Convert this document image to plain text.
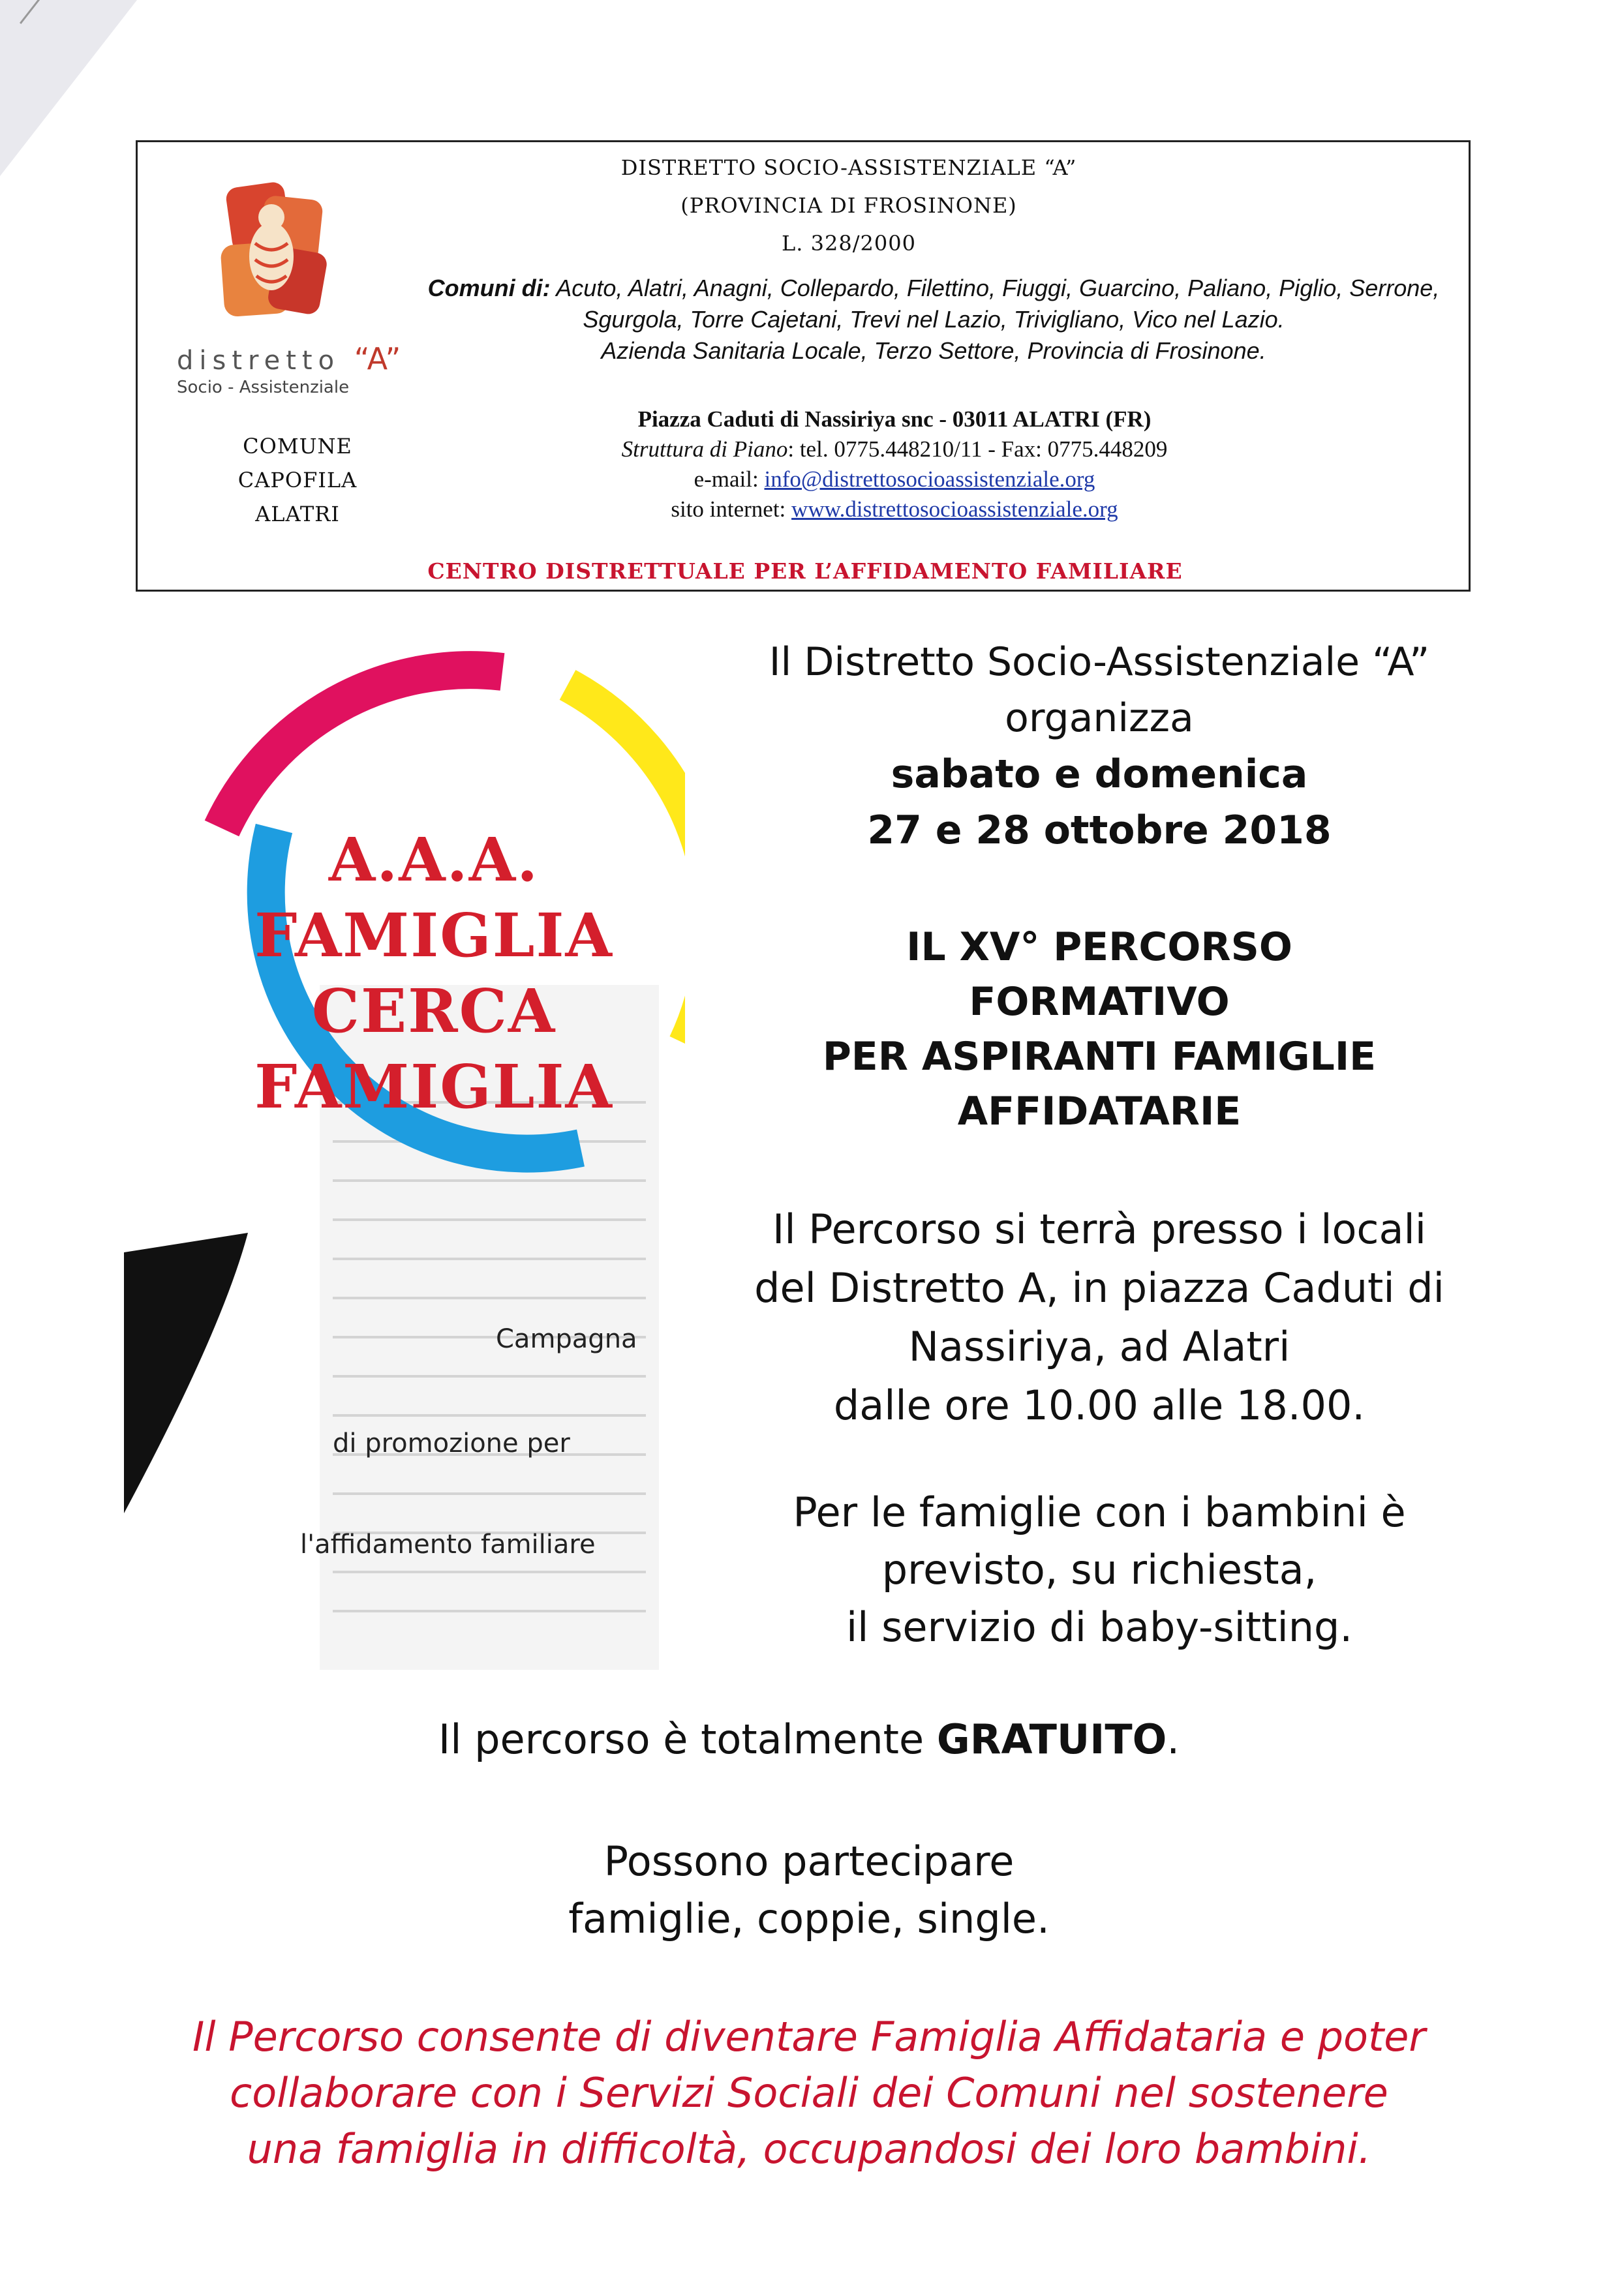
distretto “A”
Socio - Assistenziale
COMUNE
CAPOFILA
ALATRI
DISTRETTO SOCIO-ASSISTENZIALE “A”
(PROVINCIA DI FROSINONE)
L. 328/2000
Comuni di: Acuto, Alatri, Anagni, Collepardo, Filettino, Fiuggi, Guarcino, Paliano, Piglio, Serrone, Sgurgola, Torre Cajetani, Trevi nel Lazio, Trivigliano, Vico nel Lazio.
Azienda Sanitaria Locale, Terzo Settore, Provincia di Frosinone.
Piazza Caduti di Nassiriya snc - 03011 ALATRI (FR)
Struttura di Piano: tel. 0775.448210/11 - Fax: 0775.448209
e-mail: info@distrettosocioassistenziale.org
sito internet: www.distrettosocioassistenziale.org
CENTRO DISTRETTUALE PER L’AFFIDAMENTO FAMILIARE
A.A.A.
FAMIGLIA
CERCA
FAMIGLIA
Campagna
di promozione per
l'affidamento familiare
Il Distretto Socio-Assistenziale “A”
organizza
sabato e domenica
27 e 28 ottobre 2018
IL XV° PERCORSO
FORMATIVO
PER ASPIRANTI FAMIGLIE
AFFIDATARIE
Il Percorso si terrà presso i locali
del Distretto A, in piazza Caduti di
Nassiriya, ad Alatri
dalle ore 10.00 alle 18.00.
Per le famiglie con i bambini è
previsto, su richiesta,
il servizio di baby-sitting.
Il percorso è totalmente GRATUITO.
Possono partecipare
famiglie, coppie, single.
Il Percorso consente di diventare Famiglia Affidataria e poter
collaborare con i Servizi Sociali dei Comuni nel sostenere
una famiglia in difficoltà, occupandosi dei loro bambini.
